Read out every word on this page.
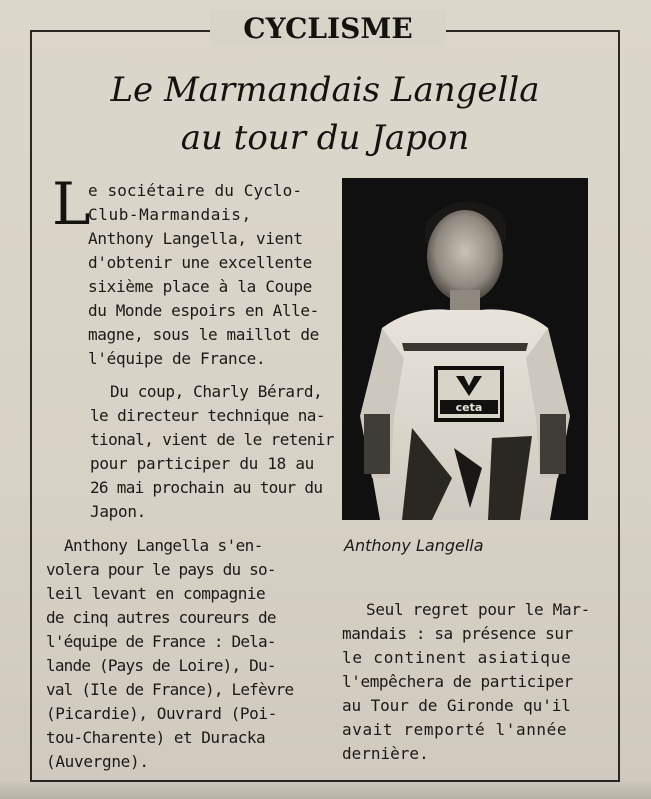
CYCLISME
Le Marmandais Langella
au tour du Japon
L
e sociétaire du Cyclo-
Club-Marmandais,
Anthony Langella, vient
d'obtenir une excellente
sixième place à la Coupe
du Monde espoirs en Alle-
magne, sous le maillot de
l'équipe de France.
Du coup, Charly Bérard,
le directeur technique na-
tional, vient de le retenir
pour participer du 18 au
26 mai prochain au tour du
Japon.
Anthony Langella s'en-
volera pour le pays du so-
leil levant en compagnie
de cinq autres coureurs de
l'équipe de France : Dela-
lande (Pays de Loire), Du-
val (Ile de France), Lefèvre
(Picardie), Ouvrard (Poi-
tou-Charente) et Duracka
(Auvergne).
ceta
Anthony Langella
Seul regret pour le Mar-
mandais : sa présence sur
le continent asiatique
l'empêchera de participer
au Tour de Gironde qu'il
avait remporté l'année
dernière.
